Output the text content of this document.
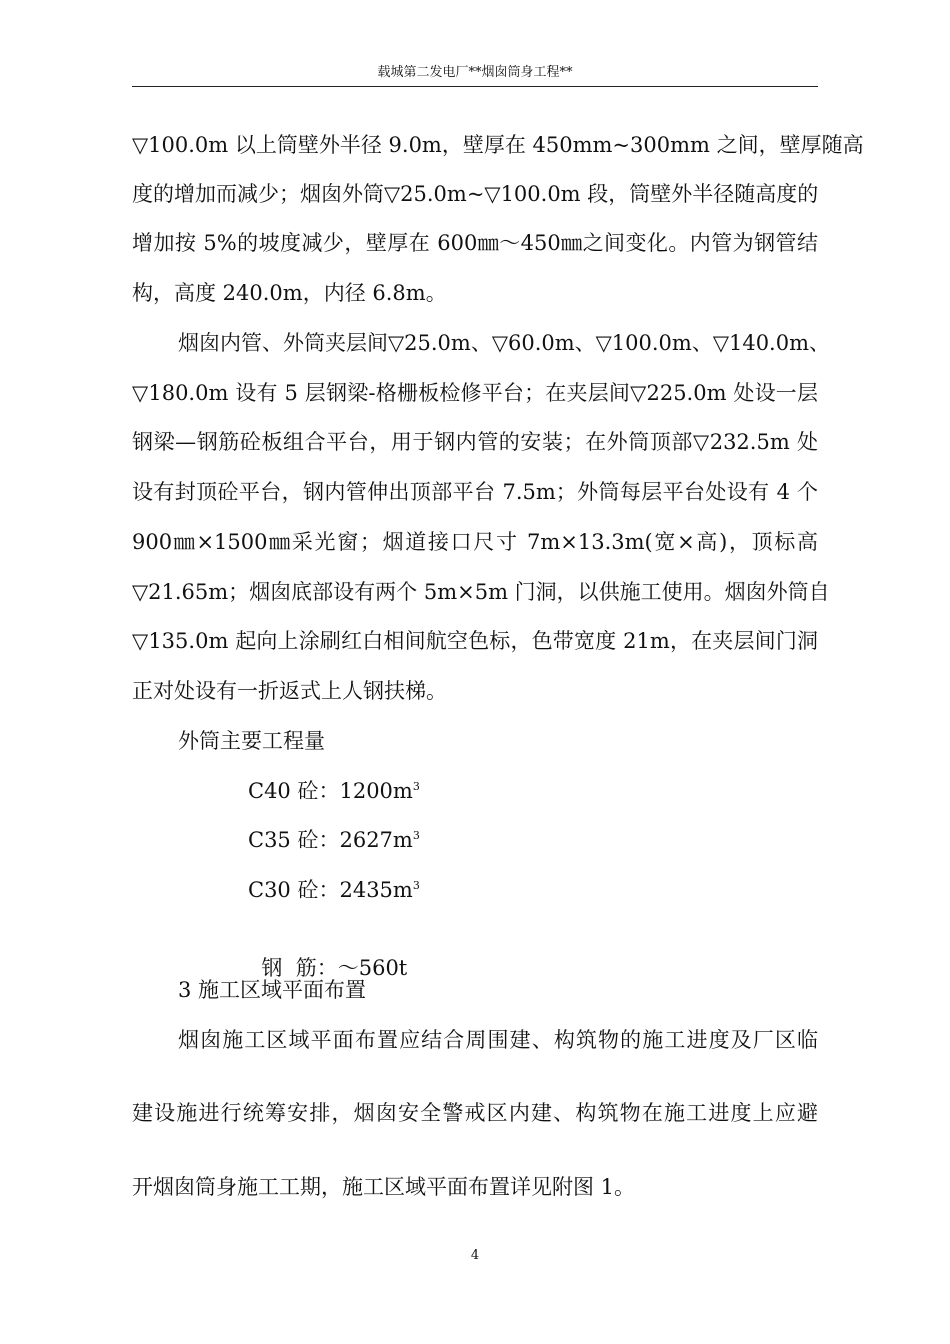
载城第二发电厂**烟囱筒身工程**
▽100.0m 以上筒壁外半径 9.0m，壁厚在 450mm~300mm 之间，壁厚随高
度的增加而减少；烟囱外筒▽25.0m~▽100.0m 段，筒壁外半径随高度的
增加按 5%的坡度减少，壁厚在 600㎜～450㎜之间变化。内管为钢管结
构，高度 240.0m，内径 6.8m。
烟囱内管、外筒夹层间▽25.0m、▽60.0m、▽100.0m、▽140.0m、
▽180.0m 设有 5 层钢梁-格栅板检修平台；在夹层间▽225.0m 处设一层
钢梁—钢筋砼板组合平台，用于钢内管的安装；在外筒顶部▽232.5m 处
设有封顶砼平台，钢内管伸出顶部平台 7.5m；外筒每层平台处设有 4 个
900㎜×1500㎜采光窗；烟道接口尺寸 7m×13.3m(宽×高)，顶标高
▽21.65m；烟囱底部设有两个 5m×5m 门洞，以供施工使用。烟囱外筒自
▽135.0m 起向上涂刷红白相间航空色标，色带宽度 21m，在夹层间门洞
正对处设有一折返式上人钢扶梯。
外筒主要工程量
C40 砼：$1200m^3$
C35 砼：$2627m^3$
C30 砼：$2435m^3$

钢  筋：～560t

3 施工区域平面布置
烟囱施工区域平面布置应结合周围建、构筑物的施工进度及厂区临
建设施进行统筹安排，烟囱安全警戒区内建、构筑物在施工进度上应避
开烟囱筒身施工工期，施工区域平面布置详见附图 1。
4
